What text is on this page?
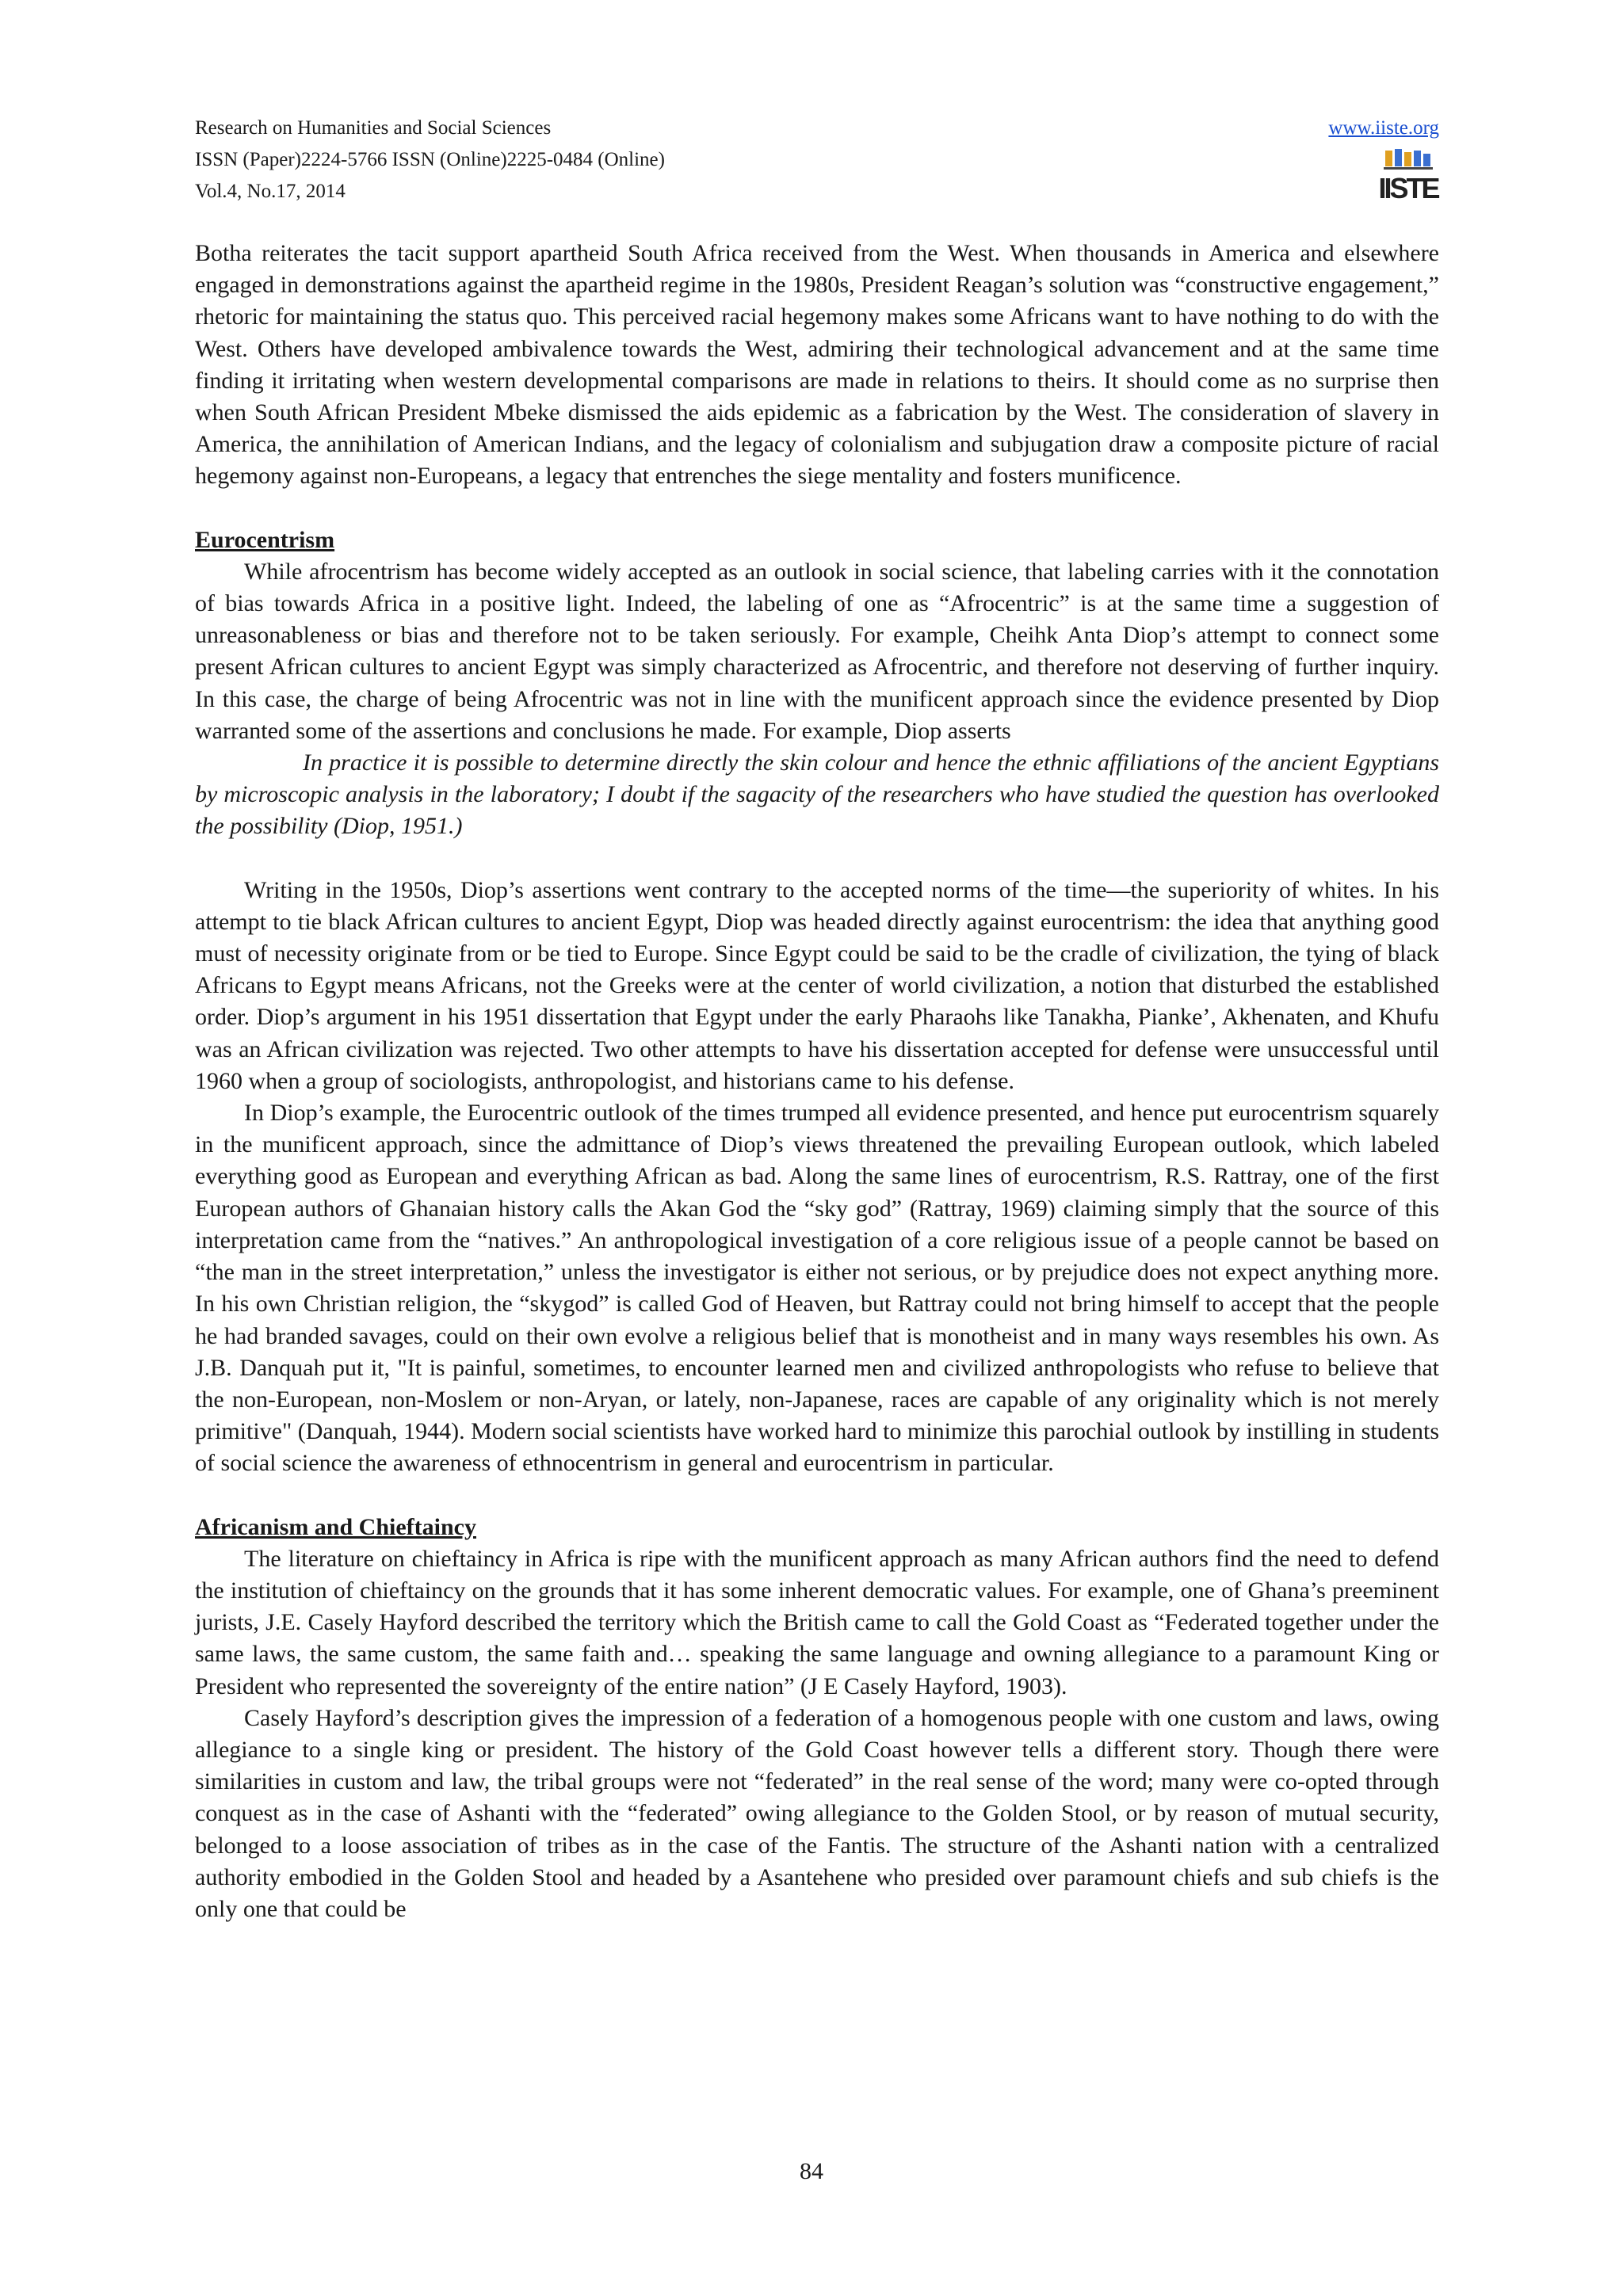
Research on Humanities and Social Sciences
ISSN (Paper)2224-5766 ISSN (Online)2225-0484 (Online)
Vol.4, No.17, 2014
www.iiste.org
IISTE

Botha reiterates the tacit support apartheid South Africa received from the West. When thousands in America and elsewhere engaged in demonstrations against the apartheid regime in the 1980s, President Reagan’s solution was “constructive engagement,” rhetoric for maintaining the status quo. This perceived racial hegemony makes some Africans want to have nothing to do with the West. Others have developed ambivalence towards the West, admiring their technological advancement and at the same time finding it irritating when western developmental comparisons are made in relations to theirs. It should come as no surprise then when South African President Mbeke dismissed the aids epidemic as a fabrication by the West. The consideration of slavery in America, the annihilation of American Indians, and the legacy of colonialism and subjugation draw a composite picture of racial hegemony against non-Europeans, a legacy that entrenches the siege mentality and fosters munificence.

Eurocentrism

While afrocentrism has become widely accepted as an outlook in social science, that labeling carries with it the connotation of bias towards Africa in a positive light. Indeed, the labeling of one as “Afrocentric” is at the same time a suggestion of unreasonableness or bias and therefore not to be taken seriously. For example, Cheihk Anta Diop’s attempt to connect some present African cultures to ancient Egypt was simply characterized as Afrocentric, and therefore not deserving of further inquiry. In this case, the charge of being Afrocentric was not in line with the munificent approach since the evidence presented by Diop warranted some of the assertions and conclusions he made. For example, Diop asserts

In practice it is possible to determine directly the skin colour and hence the ethnic affiliations of the ancient Egyptians by microscopic analysis in the laboratory; I doubt if the sagacity of the researchers who have studied the question has overlooked the possibility (Diop, 1951.)

Writing in the 1950s, Diop’s assertions went contrary to the accepted norms of the time—the superiority of whites. In his attempt to tie black African cultures to ancient Egypt, Diop was headed directly against eurocentrism: the idea that anything good must of necessity originate from or be tied to Europe. Since Egypt could be said to be the cradle of civilization, the tying of black Africans to Egypt means Africans, not the Greeks were at the center of world civilization, a notion that disturbed the established order. Diop’s argument in his 1951 dissertation that Egypt under the early Pharaohs like Tanakha, Pianke’, Akhenaten, and Khufu was an African civilization was rejected. Two other attempts to have his dissertation accepted for defense were unsuccessful until 1960 when a group of sociologists, anthropologist, and historians came to his defense.

In Diop’s example, the Eurocentric outlook of the times trumped all evidence presented, and hence put eurocentrism squarely in the munificent approach, since the admittance of Diop’s views threatened the prevailing European outlook, which labeled everything good as European and everything African as bad. Along the same lines of eurocentrism, R.S. Rattray, one of the first European authors of Ghanaian history calls the Akan God the “sky god” (Rattray, 1969) claiming simply that the source of this interpretation came from the “natives.” An anthropological investigation of a core religious issue of a people cannot be based on “the man in the street interpretation,” unless the investigator is either not serious, or by prejudice does not expect anything more. In his own Christian religion, the “skygod” is called God of Heaven, but Rattray could not bring himself to accept that the people he had branded savages, could on their own evolve a religious belief that is monotheist and in many ways resembles his own. As J.B. Danquah put it, "It is painful, sometimes, to encounter learned men and civilized anthropologists who refuse to believe that the non-European, non-Moslem or non-Aryan, or lately, non-Japanese, races are capable of any originality which is not merely primitive" (Danquah, 1944). Modern social scientists have worked hard to minimize this parochial outlook by instilling in students of social science the awareness of ethnocentrism in general and eurocentrism in particular.

Africanism and Chieftaincy

The literature on chieftaincy in Africa is ripe with the munificent approach as many African authors find the need to defend the institution of chieftaincy on the grounds that it has some inherent democratic values. For example, one of Ghana’s preeminent jurists, J.E. Casely Hayford described the territory which the British came to call the Gold Coast as “Federated together under the same laws, the same custom, the same faith and… speaking the same language and owning allegiance to a paramount King or President who represented the sovereignty of the entire nation” (J E Casely Hayford, 1903).

Casely Hayford’s description gives the impression of a federation of a homogenous people with one custom and laws, owing allegiance to a single king or president. The history of the Gold Coast however tells a different story. Though there were similarities in custom and law, the tribal groups were not “federated” in the real sense of the word; many were co-opted through conquest as in the case of Ashanti with the “federated” owing allegiance to the Golden Stool, or by reason of mutual security, belonged to a loose association of tribes as in the case of the Fantis. The structure of the Ashanti nation with a centralized authority embodied in the Golden Stool and headed by a Asantehene who presided over paramount chiefs and sub chiefs is the only one that could be

84
